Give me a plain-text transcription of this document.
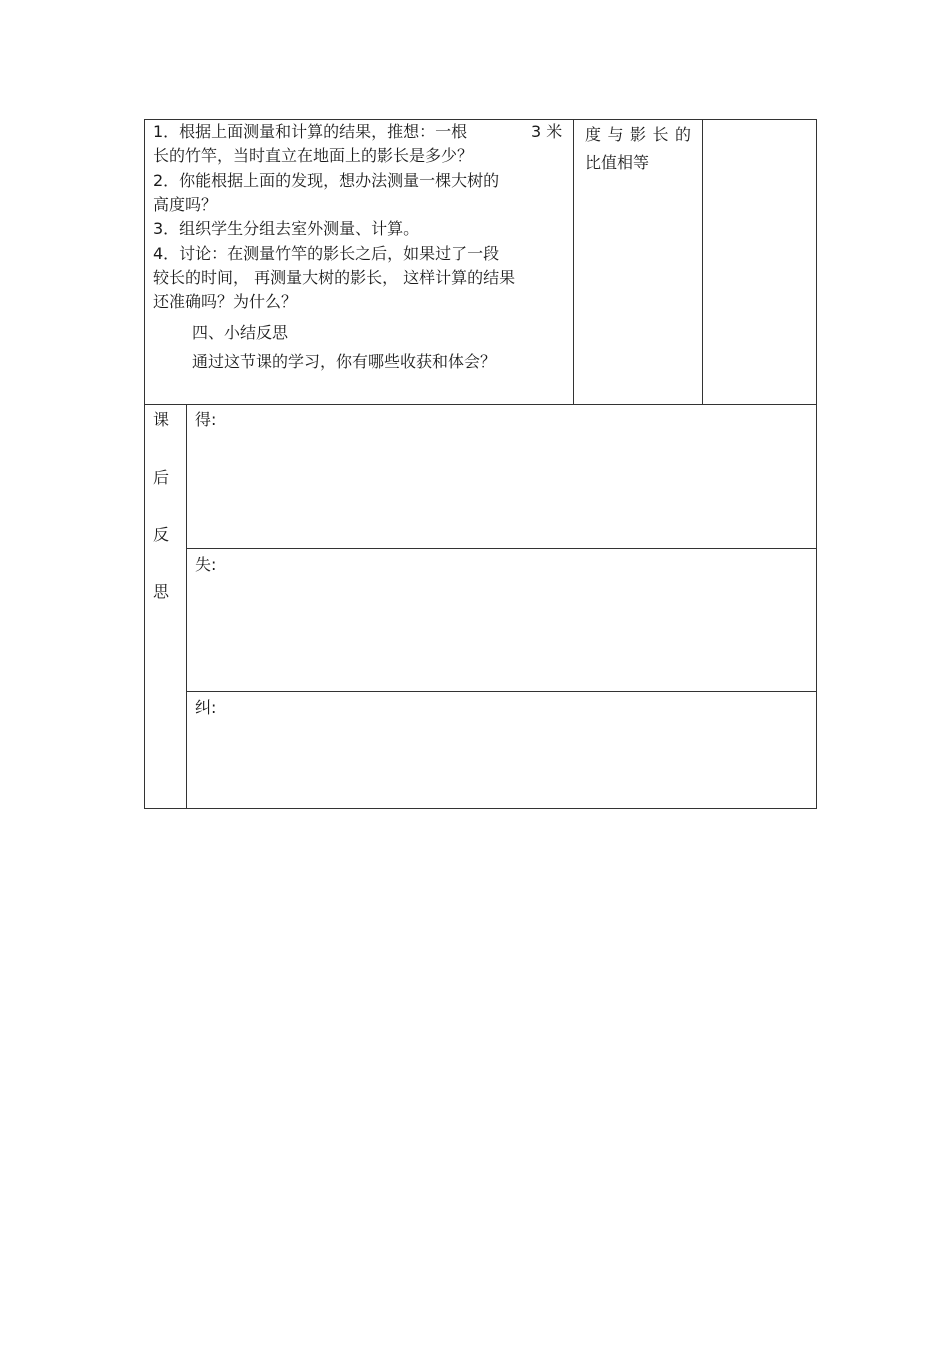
1．根据上面测量和计算的结果，推想：一根	3 米
长的竹竿，当时直立在地面上的影长是多少？
2．你能根据上面的发现，想办法测量一棵大树的
高度吗？
3．组织学生分组去室外测量、计算。
4．讨论：在测量竹竿的影长之后，如果过了一段
较长的时间， 再测量大树的影长， 这样计算的结果
还准确吗？为什么？
四、小结反思
通过这节课的学习，你有哪些收获和体会？
度与影长的
比值相等
课
后
反
思
得:
失:
纠:
